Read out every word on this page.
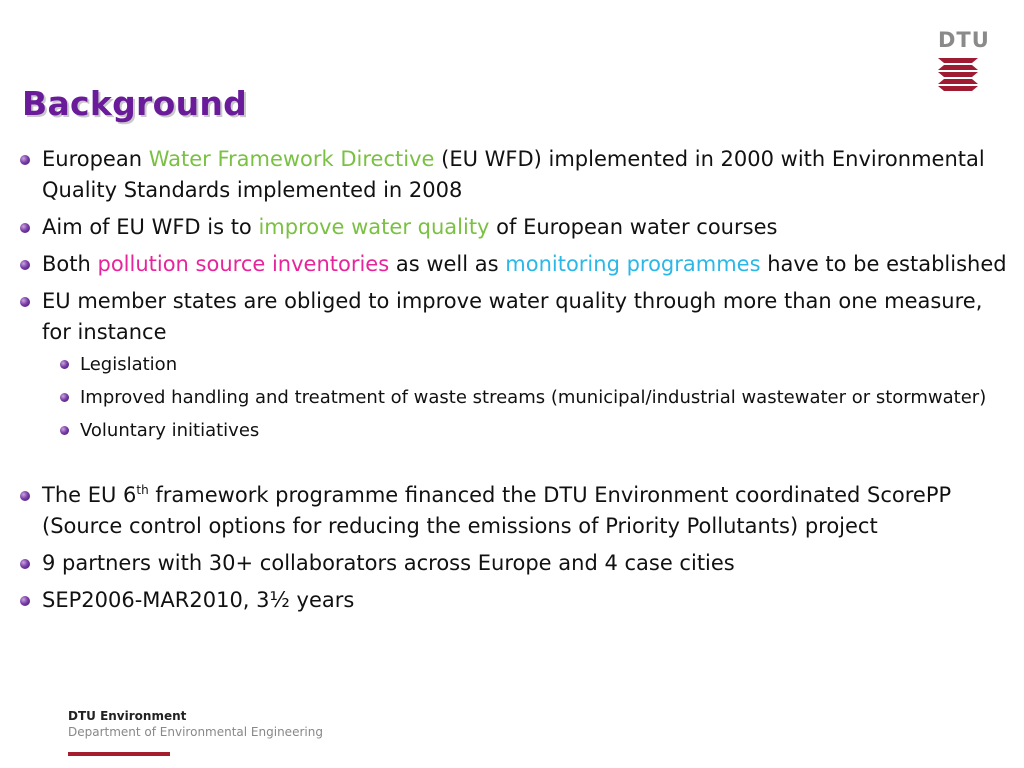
Background
DTU
European Water Framework Directive (EU WFD) implemented in 2000 with Environmental Quality Standards implemented in 2008
Aim of EU WFD is to improve water quality of European water courses
Both pollution source inventories as well as monitoring programmes have to be established
EU member states are obliged to improve water quality through more than one measure, for instance
Legislation
Improved handling and treatment of waste streams (municipal/industrial wastewater or stormwater)
Voluntary initiatives
The EU 6th framework programme financed the DTU Environment coordinated ScorePP (Source control options for reducing the emissions of Priority Pollutants) project
9 partners with 30+ collaborators across Europe and 4 case cities
SEP2006-MAR2010, 3½ years
DTU Environment
Department of Environmental Engineering
